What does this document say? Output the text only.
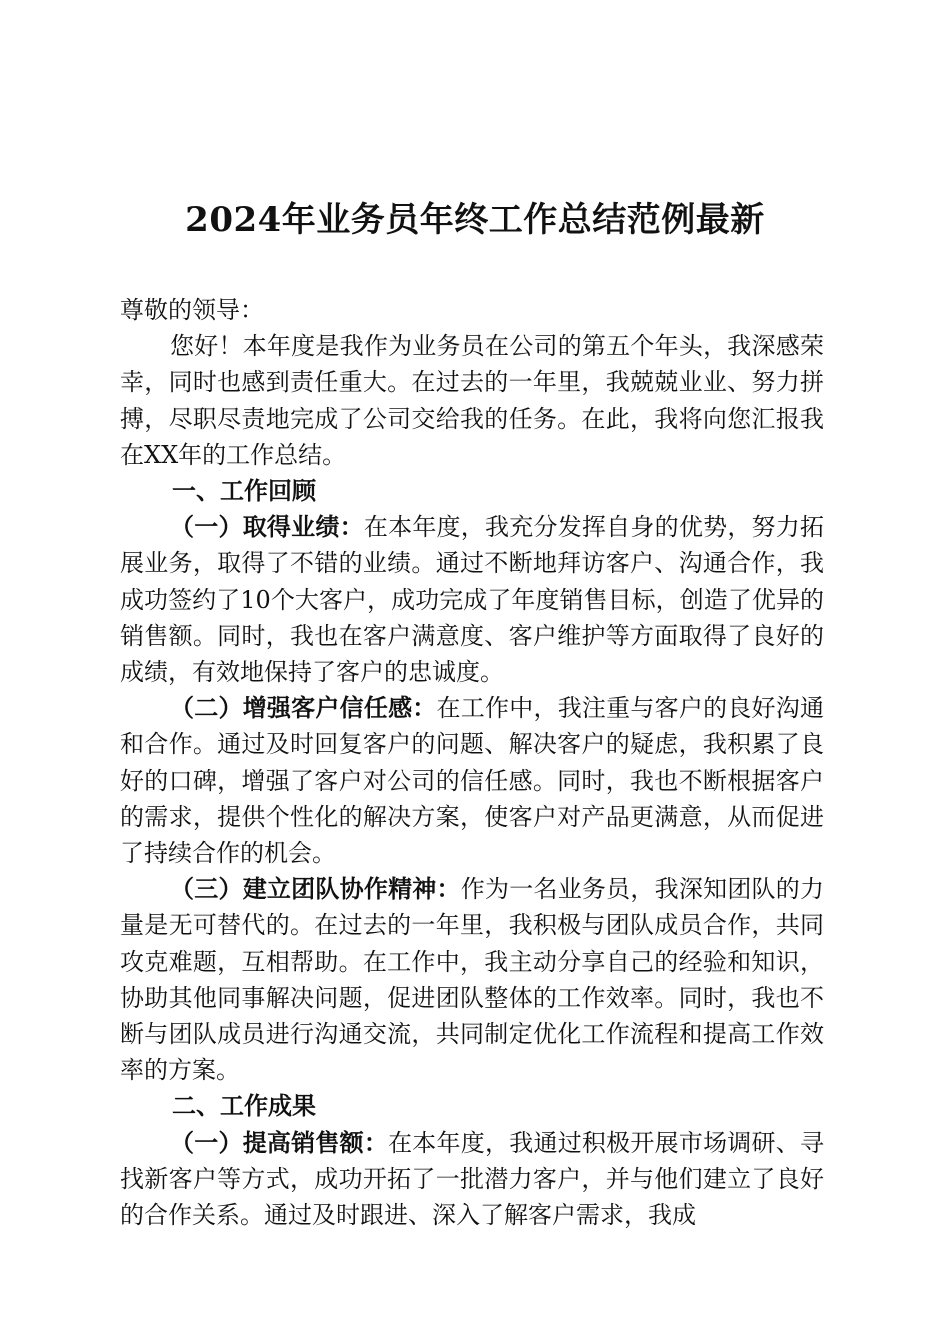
2024年业务员年终工作总结范例最新

尊敬的领导：

您好！本年度是我作为业务员在公司的第五个年头，我深感荣幸，同时也感到责任重大。在过去的一年里，我兢兢业业、努力拼搏，尽职尽责地完成了公司交给我的任务。在此，我将向您汇报我在XX年的工作总结。

一、工作回顾

（一）取得业绩：在本年度，我充分发挥自身的优势，努力拓展业务，取得了不错的业绩。通过不断地拜访客户、沟通合作，我成功签约了10个大客户，成功完成了年度销售目标，创造了优异的销售额。同时，我也在客户满意度、客户维护等方面取得了良好的成绩，有效地保持了客户的忠诚度。

（二）增强客户信任感：在工作中，我注重与客户的良好沟通和合作。通过及时回复客户的问题、解决客户的疑虑，我积累了良好的口碑，增强了客户对公司的信任感。同时，我也不断根据客户的需求，提供个性化的解决方案，使客户对产品更满意，从而促进了持续合作的机会。

（三）建立团队协作精神：作为一名业务员，我深知团队的力量是无可替代的。在过去的一年里，我积极与团队成员合作，共同攻克难题，互相帮助。在工作中，我主动分享自己的经验和知识，协助其他同事解决问题，促进团队整体的工作效率。同时，我也不断与团队成员进行沟通交流，共同制定优化工作流程和提高工作效率的方案。

二、工作成果

（一）提高销售额：在本年度，我通过积极开展市场调研、寻找新客户等方式，成功开拓了一批潜力客户，并与他们建立了良好的合作关系。通过及时跟进、深入了解客户需求，我成
